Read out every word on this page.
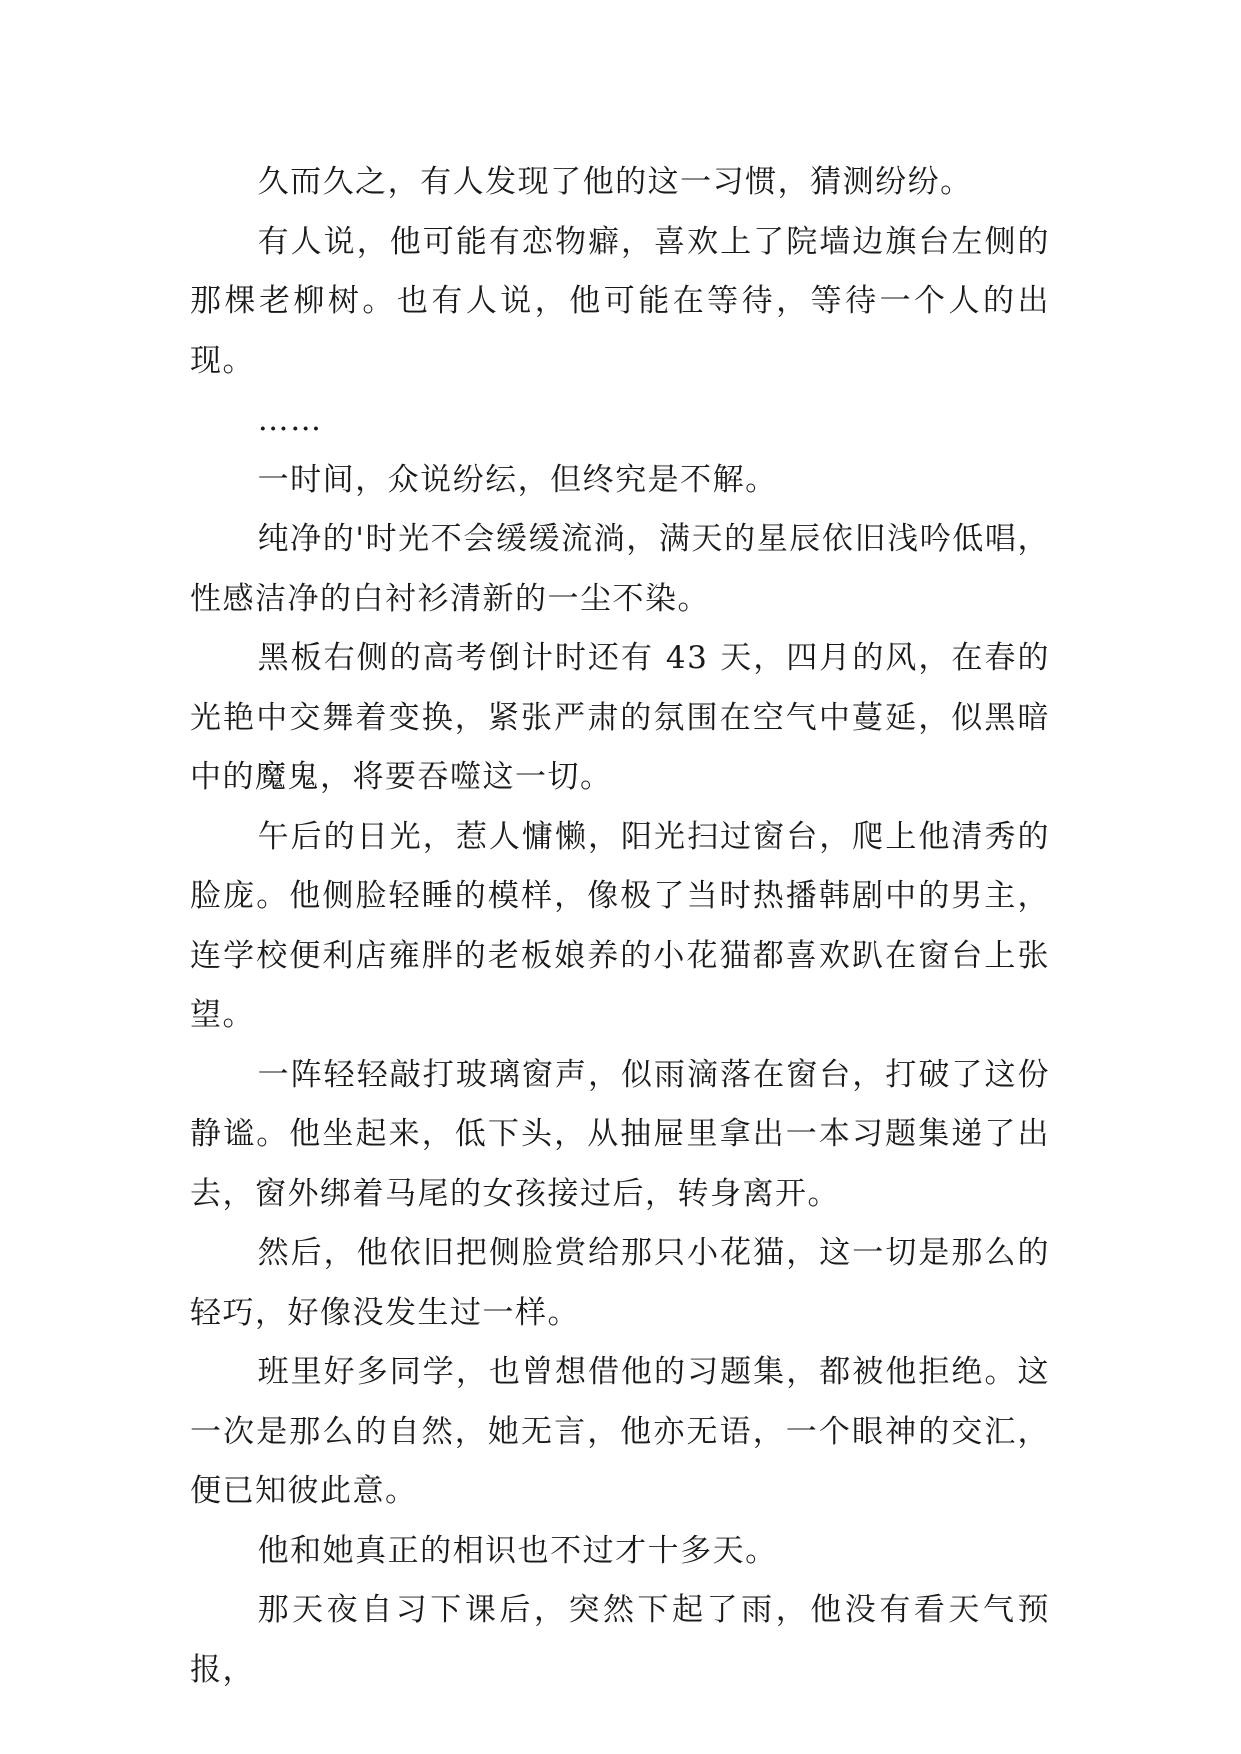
久而久之，有人发现了他的这一习惯，猜测纷纷。

有人说，他可能有恋物癖，喜欢上了院墙边旗台左侧的那棵老柳树。也有人说，他可能在等待，等待一个人的出现。

……

一时间，众说纷纭，但终究是不解。

纯净的'时光不会缓缓流淌，满天的星辰依旧浅吟低唱，性感洁净的白衬衫清新的一尘不染。

黑板右侧的高考倒计时还有 43 天，四月的风，在春的光艳中交舞着变换，紧张严肃的氛围在空气中蔓延，似黑暗中的魔鬼，将要吞噬这一切。

午后的日光，惹人慵懒，阳光扫过窗台，爬上他清秀的脸庞。他侧脸轻睡的模样，像极了当时热播韩剧中的男主，连学校便利店雍胖的老板娘养的小花猫都喜欢趴在窗台上张望。

一阵轻轻敲打玻璃窗声，似雨滴落在窗台，打破了这份静谧。他坐起来，低下头，从抽屉里拿出一本习题集递了出去，窗外绑着马尾的女孩接过后，转身离开。

然后，他依旧把侧脸赏给那只小花猫，这一切是那么的轻巧，好像没发生过一样。

班里好多同学，也曾想借他的习题集，都被他拒绝。这一次是那么的自然，她无言，他亦无语，一个眼神的交汇，便已知彼此意。

他和她真正的相识也不过才十多天。

那天夜自习下课后，突然下起了雨，他没有看天气预报，
